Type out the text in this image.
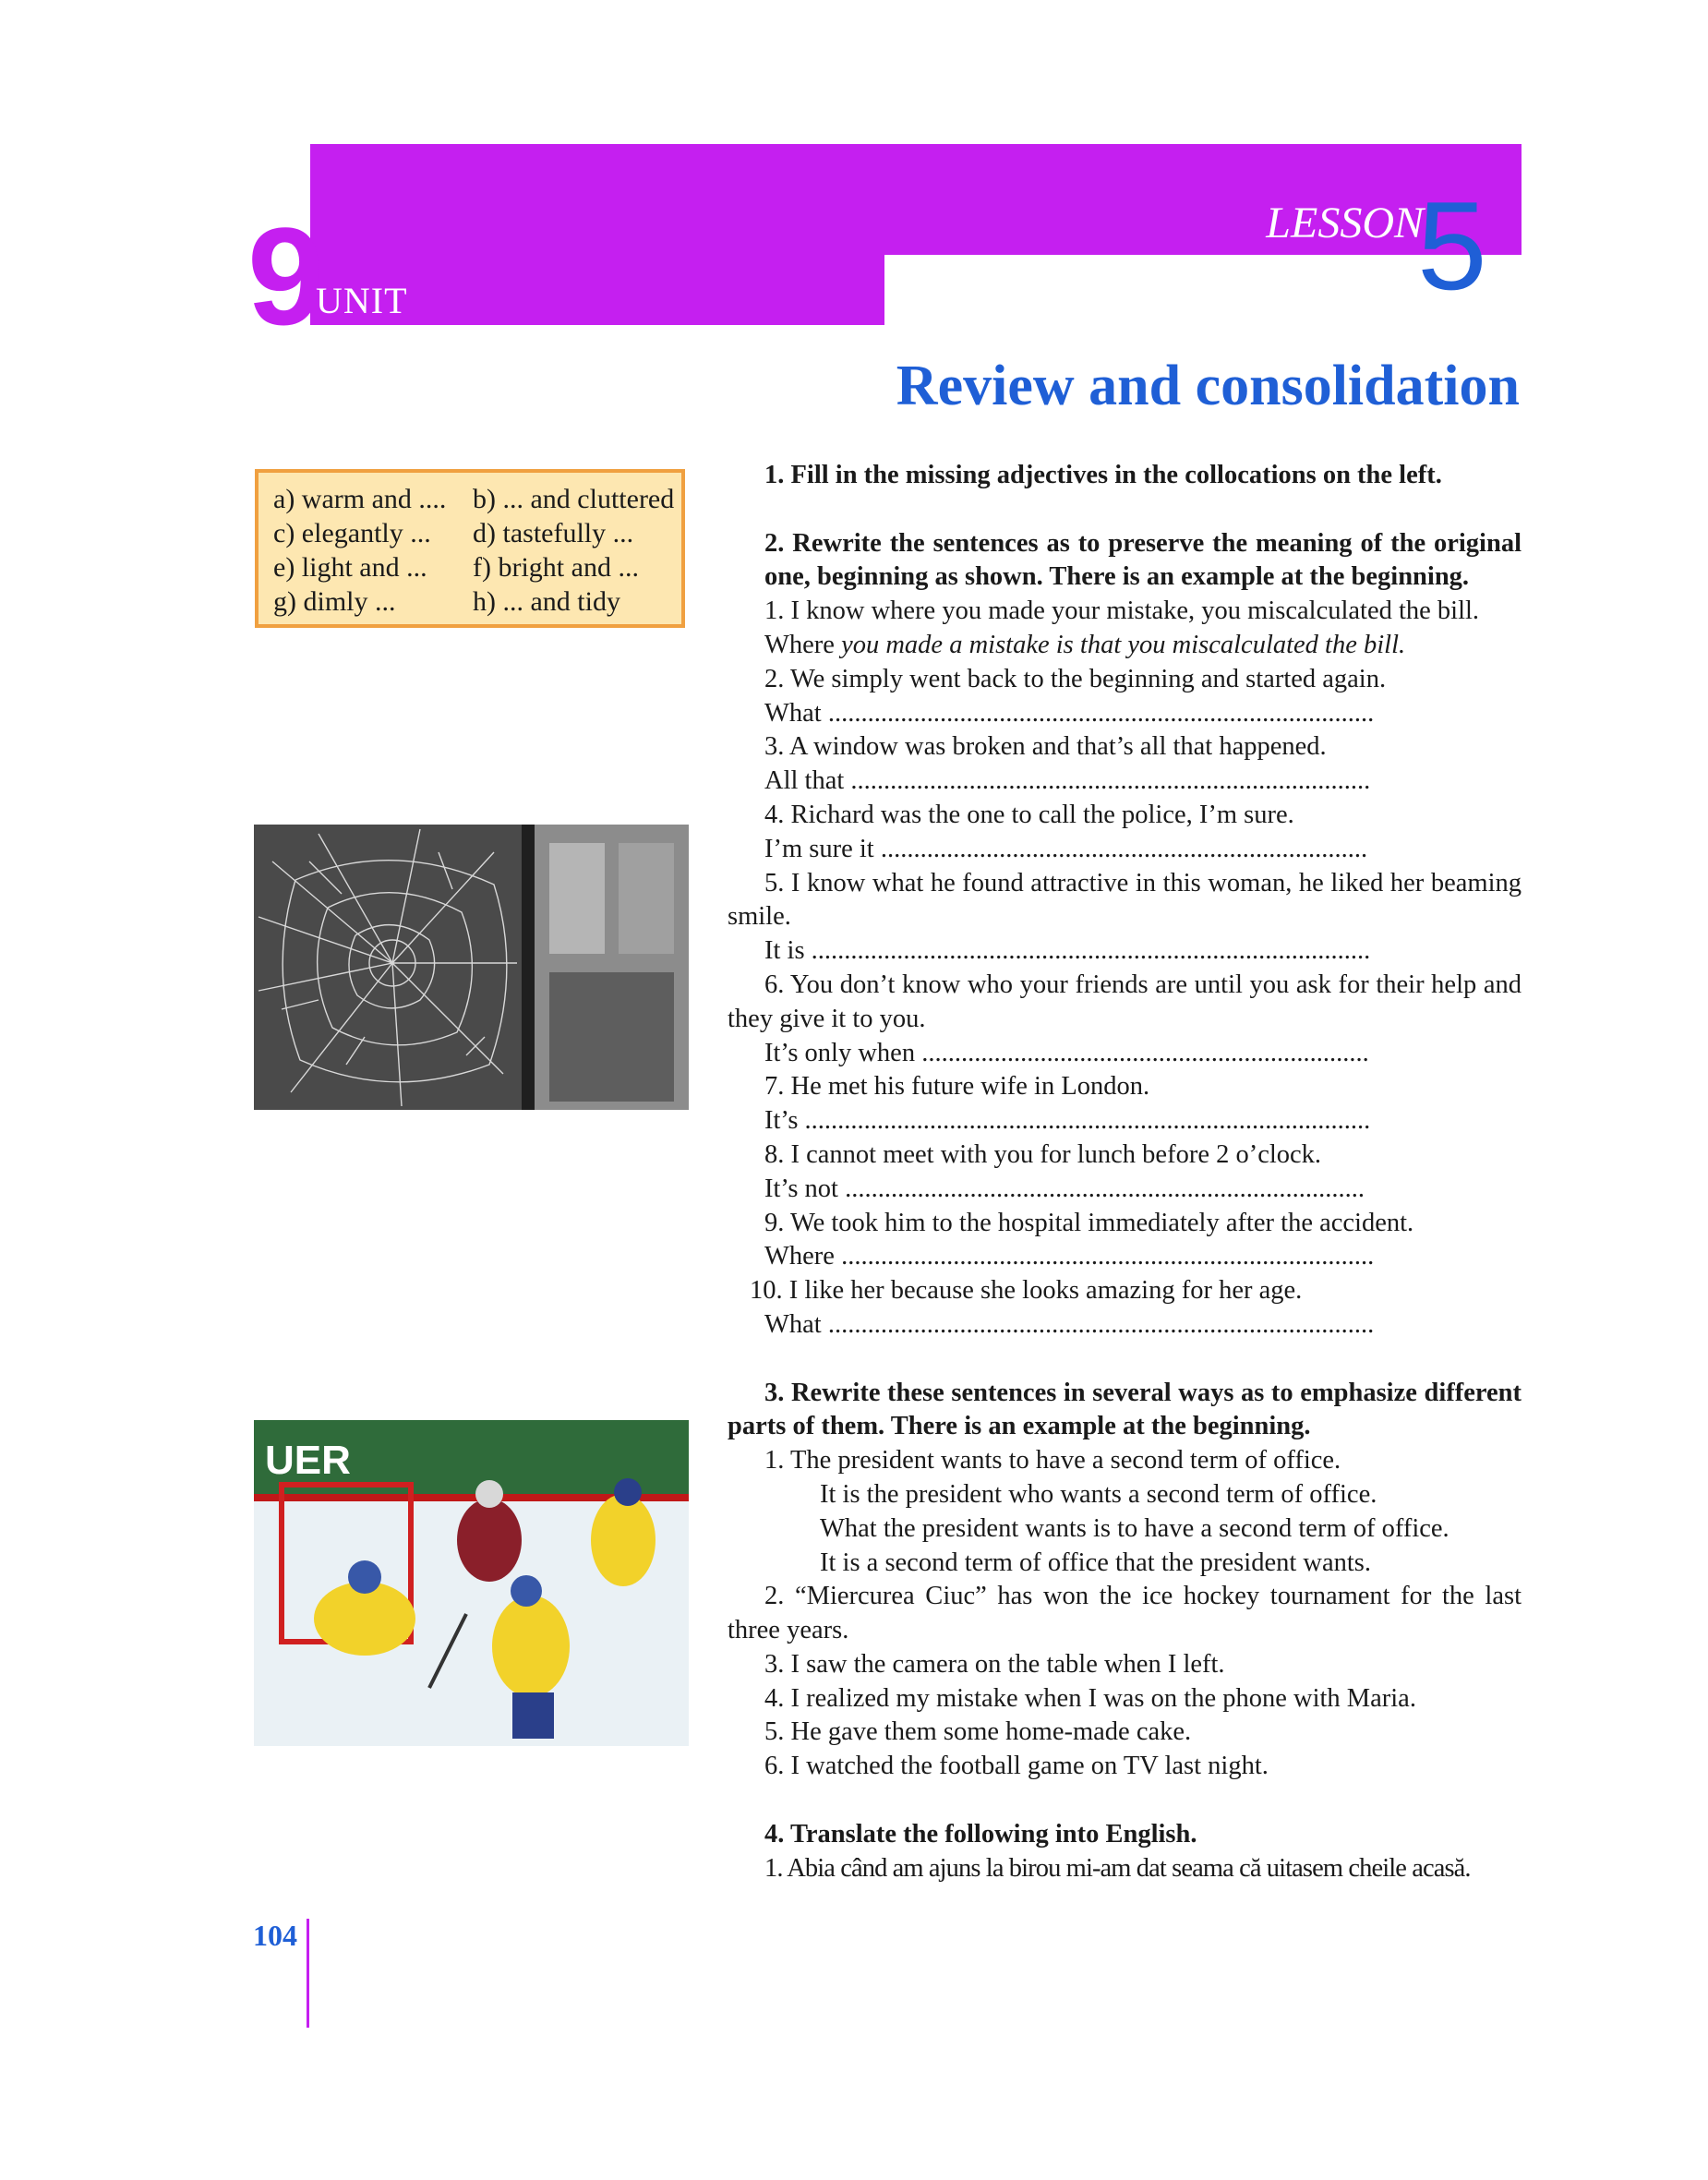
9
UNIT
LESSON
5
Review and consolidation
a) warm and .... b) ... and cluttered
c) elegantly ... d) tastefully ...
e) light and ... f) bright and ...
g) dimly ...	h) ... and tidy
UER

1. Fill in the missing adjectives in the collocations on the left.

2. Rewrite the sentences as to preserve the meaning of the original one, beginning as shown. There is an example at the beginning.

1. I know where you made your mistake, you miscalculated the bill.

Where you made a mistake is that you miscalculated the bill.

2. We simply went back to the beginning and started again.

What ...................................................................................

3. A window was broken and that’s all that happened.

All that ...............................................................................

4. Richard was the one to call the police, I’m sure.

I’m sure it ..........................................................................

5. I know what he found attractive in this woman, he liked her beaming smile.

It is .....................................................................................

6. You don’t know who your friends are until you ask for their help and they give it to you.

It’s only when ....................................................................

7. He met his future wife in London.

It’s ......................................................................................

8. I cannot meet with you for lunch before 2 o’clock.

It’s not ...............................................................................

9. We took him to the hospital immediately after the accident.

Where .................................................................................

10. I like her because she looks amazing for her age.

What ...................................................................................

3. Rewrite these sentences in several ways as to emphasize different parts of them. There is an example at the beginning.

1. The president wants to have a second term of office.

It is the president who wants a second term of office.

What the president wants is to have a second term of office.

It is a second term of office that the president wants.

2. “Miercurea Ciuc” has won the ice hockey tournament for the last three years.

3. I saw the camera on the table when I left.

4. I realized my mistake when I was on the phone with Maria.

5. He gave them some home-made cake.

6. I watched the football game on TV last night.

4. Translate the following into English.

1. Abia când am ajuns la birou mi-am dat seama că uitasem cheile acasă.

104
